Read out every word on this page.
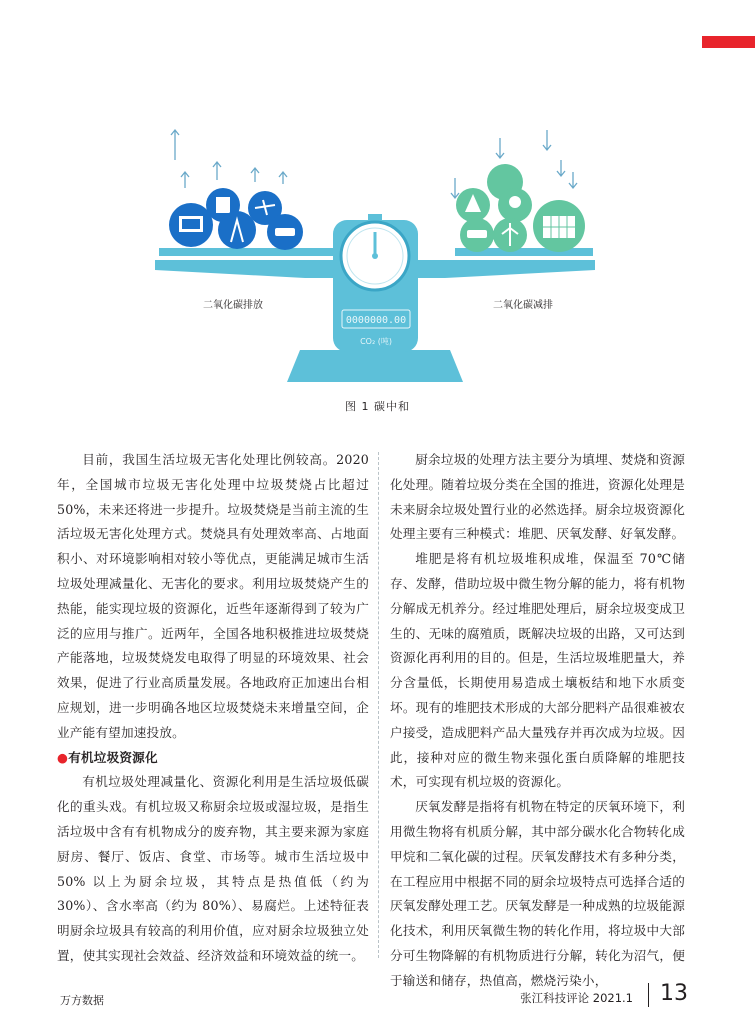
0000000.00
CO₂ (吨)
二氧化碳排放	二氧化碳减排
图 1 碳中和

目前，我国生活垃圾无害化处理比例较高。2020 年，全国城市垃圾无害化处理中垃圾焚烧占比超过 50%，未来还将进一步提升。垃圾焚烧是当前主流的生活垃圾无害化处理方式。焚烧具有处理效率高、占地面积小、对环境影响相对较小等优点，更能满足城市生活垃圾处理减量化、无害化的要求。利用垃圾焚烧产生的热能，能实现垃圾的资源化，近些年逐渐得到了较为广泛的应用与推广。近两年，全国各地积极推进垃圾焚烧产能落地，垃圾焚烧发电取得了明显的环境效果、社会效果，促进了行业高质量发展。各地政府正加速出台相应规划，进一步明确各地区垃圾焚烧未来增量空间，企业产能有望加速投放。

●有机垃圾资源化

有机垃圾处理减量化、资源化利用是生活垃圾低碳化的重头戏。有机垃圾又称厨余垃圾或湿垃圾，是指生活垃圾中含有有机物成分的废弃物，其主要来源为家庭厨房、餐厅、饭店、食堂、市场等。城市生活垃圾中 50% 以上为厨余垃圾，其特点是热值低（约为 30%）、含水率高（约为 80%）、易腐烂。上述特征表明厨余垃圾具有较高的利用价值，应对厨余垃圾独立处置，使其实现社会效益、经济效益和环境效益的统一。

厨余垃圾的处理方法主要分为填埋、焚烧和资源化处理。随着垃圾分类在全国的推进，资源化处理是未来厨余垃圾处置行业的必然选择。厨余垃圾资源化处理主要有三种模式：堆肥、厌氧发酵、好氧发酵。

堆肥是将有机垃圾堆积成堆，保温至 70℃储存、发酵，借助垃圾中微生物分解的能力，将有机物分解成无机养分。经过堆肥处理后，厨余垃圾变成卫生的、无味的腐殖质，既解决垃圾的出路，又可达到资源化再利用的目的。但是，生活垃圾堆肥量大，养分含量低，长期使用易造成土壤板结和地下水质变坏。现有的堆肥技术形成的大部分肥料产品很难被农户接受，造成肥料产品大量残存并再次成为垃圾。因此，接种对应的微生物来强化蛋白质降解的堆肥技术，可实现有机垃圾的资源化。

厌氧发酵是指将有机物在特定的厌氧环境下，利用微生物将有机质分解，其中部分碳水化合物转化成甲烷和二氧化碳的过程。厌氧发酵技术有多种分类，在工程应用中根据不同的厨余垃圾特点可选择合适的厌氧发酵处理工艺。厌氧发酵是一种成熟的垃圾能源化技术，利用厌氧微生物的转化作用，将垃圾中大部分可生物降解的有机物质进行分解，转化为沼气，便于输送和储存，热值高，燃烧污染小，

万方数据	张江科技评论 2021.1 13
